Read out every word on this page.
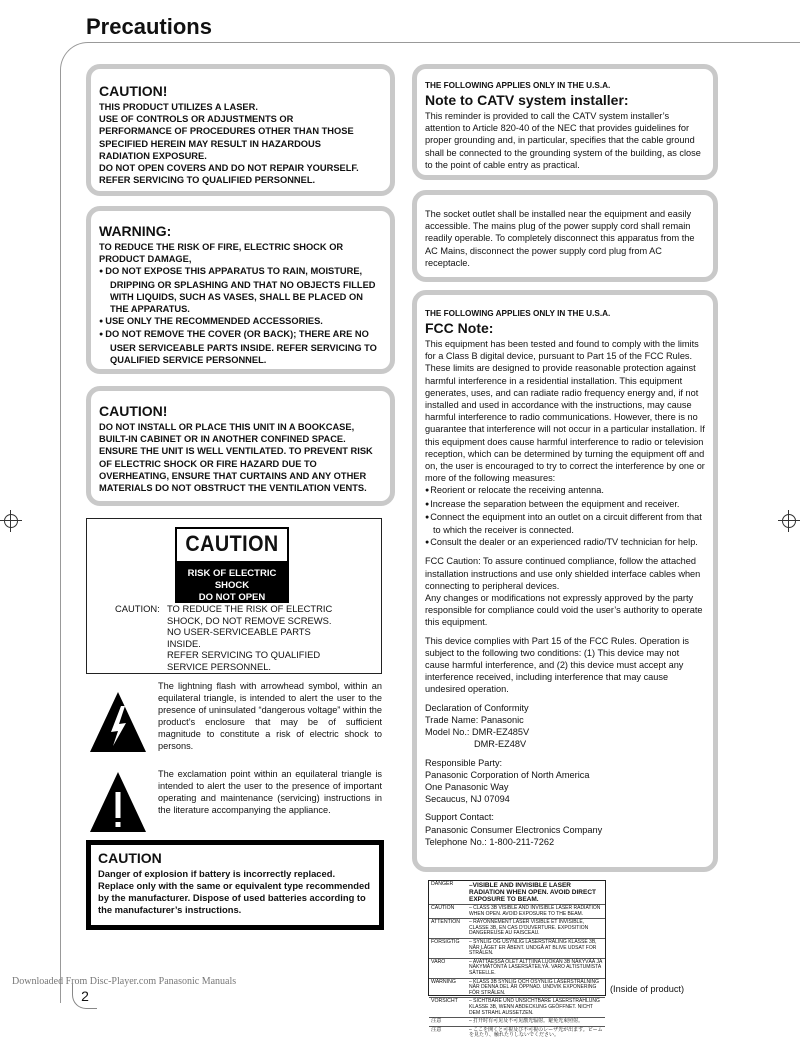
Precautions
CAUTION!
THIS PRODUCT UTILIZES A LASER.
USE OF CONTROLS OR ADJUSTMENTS OR
PERFORMANCE OF PROCEDURES OTHER THAN THOSE
SPECIFIED HEREIN MAY RESULT IN HAZARDOUS
RADIATION EXPOSURE.
DO NOT OPEN COVERS AND DO NOT REPAIR YOURSELF.
REFER SERVICING TO QUALIFIED PERSONNEL.
WARNING:
TO REDUCE THE RISK OF FIRE, ELECTRIC SHOCK OR PRODUCT DAMAGE,
● DO NOT EXPOSE THIS APPARATUS TO RAIN, MOISTURE, DRIPPING OR SPLASHING AND THAT NO OBJECTS FILLED WITH LIQUIDS, SUCH AS VASES, SHALL BE PLACED ON THE APPARATUS.
● USE ONLY THE RECOMMENDED ACCESSORIES.
● DO NOT REMOVE THE COVER (OR BACK); THERE ARE NO USER SERVICEABLE PARTS INSIDE. REFER SERVICING TO QUALIFIED SERVICE PERSONNEL.
CAUTION!
DO NOT INSTALL OR PLACE THIS UNIT IN A BOOKCASE, BUILT-IN CABINET OR IN ANOTHER CONFINED SPACE. ENSURE THE UNIT IS WELL VENTILATED. TO PREVENT RISK OF ELECTRIC SHOCK OR FIRE HAZARD DUE TO OVERHEATING, ENSURE THAT CURTAINS AND ANY OTHER MATERIALS DO NOT OBSTRUCT THE VENTILATION VENTS.
CAUTION
RISK OF ELECTRIC SHOCK
DO NOT OPEN
CAUTION: TO REDUCE THE RISK OF ELECTRIC
SHOCK, DO NOT REMOVE SCREWS.
NO USER-SERVICEABLE PARTS
INSIDE.
REFER SERVICING TO QUALIFIED
SERVICE PERSONNEL.
The lightning flash with arrowhead symbol, within an equilateral triangle, is intended to alert the user to the presence of uninsulated “dangerous voltage” within the product’s enclosure that may be of sufficient magnitude to constitute a risk of electric shock to persons.
The exclamation point within an equilateral triangle is intended to alert the user to the presence of important operating and maintenance (servicing) instructions in the literature accompanying the appliance.
CAUTION
Danger of explosion if battery is incorrectly replaced. Replace only with the same or equivalent type recommended by the manufacturer. Dispose of used batteries according to the manufacturer’s instructions.
THE FOLLOWING APPLIES ONLY IN THE U.S.A.
Note to CATV system installer:
This reminder is provided to call the CATV system installer’s attention to Article 820-40 of the NEC that provides guidelines for proper grounding and, in particular, specifies that the cable ground shall be connected to the grounding system of the building, as close to the point of cable entry as practical.
The socket outlet shall be installed near the equipment and easily accessible. The mains plug of the power supply cord shall remain readily operable. To completely disconnect this apparatus from the AC Mains, disconnect the power supply cord plug from AC receptacle.
THE FOLLOWING APPLIES ONLY IN THE U.S.A.
FCC Note:
This equipment has been tested and found to comply with the limits for a Class B digital device, pursuant to Part 15 of the FCC Rules. These limits are designed to provide reasonable protection against harmful interference in a residential installation. This equipment generates, uses, and can radiate radio frequency energy and, if not installed and used in accordance with the instructions, may cause harmful interference to radio communications. However, there is no guarantee that interference will not occur in a particular installation. If this equipment does cause harmful interference to radio or television reception, which can be determined by turning the equipment off and on, the user is encouraged to try to correct the interference by one or more of the following measures:
● Reorient or relocate the receiving antenna.
● Increase the separation between the equipment and receiver.
● Connect the equipment into an outlet on a circuit different from that to which the receiver is connected.
● Consult the dealer or an experienced radio/TV technician for help.
FCC Caution: To assure continued compliance, follow the attached installation instructions and use only shielded interface cables when connecting to peripheral devices.
Any changes or modifications not expressly approved by the party responsible for compliance could void the user’s authority to operate this equipment.
This device complies with Part 15 of the FCC Rules. Operation is subject to the following two conditions: (1) This device may not cause harmful interference, and (2) this device must accept any interference received, including interference that may cause undesired operation.
Declaration of Conformity
Trade Name: Panasonic
Model No.: DMR-EZ485V
DMR-EZ48V
Responsible Party:
Panasonic Corporation of North America
One Panasonic Way
Secaucus, NJ 07094
Support Contact:
Panasonic Consumer Electronics Company
Telephone No.: 1-800-211-7262
DANGER	–VISIBLE AND INVISIBLE LASER RADIATION WHEN OPEN. AVOID DIRECT EXPOSURE TO BEAM.
CAUTION	– CLASS 3B VISIBLE AND INVISIBLE LASER RADIATION WHEN OPEN. AVOID EXPOSURE TO THE BEAM.
ATTENTION	– RAYONNEMENT LASER VISIBLE ET INVISIBLE, CLASSE 3B, EN CAS D'OUVERTURE. EXPOSITION DANGEREUSE AU FAISCEAU.
FORSIGTIG	– SYNLIG OG USYNLIG LASERSTRÅLING KLASSE 3B, NÅR LÅGET ER ÅBENT. UNDGÅ AT BLIVE UDSAT FOR STRÅLEN.
VARO	– AVATTAESSA OLET ALTTIINA LUOKAN 3B NÄKYVÄÄ JA NÄKYMÄTÖNTÄ LASERSÄTEILYÄ. VARO ALTISTUMISTA SÄTEELLE.
WARNING	– KLASS 3B SYNLIG OCH OSYNLIG LASERSTRÅLNING NÄR DENNA DEL ÄR ÖPPNAD. UNDVIK EXPONERING FÖR STRÅLEN.
VORSICHT	– SICHTBARE UND UNSICHTBARE LASERSTRAHLUNG KLASSE 3B, WENN ABDECKUNG GEÖFFNET. NICHT DEM STRAHL AUSSETZEN.
注意	– 打开时有可见及不可见激光辐射。避免光束照射。
注意	– ここを開くと可視及び不可視のレーザ光が出ます。ビームを見たり、触れたりしないでください。
(Inside of product)
Downloaded From Disc-Player.com Panasonic Manuals
2
